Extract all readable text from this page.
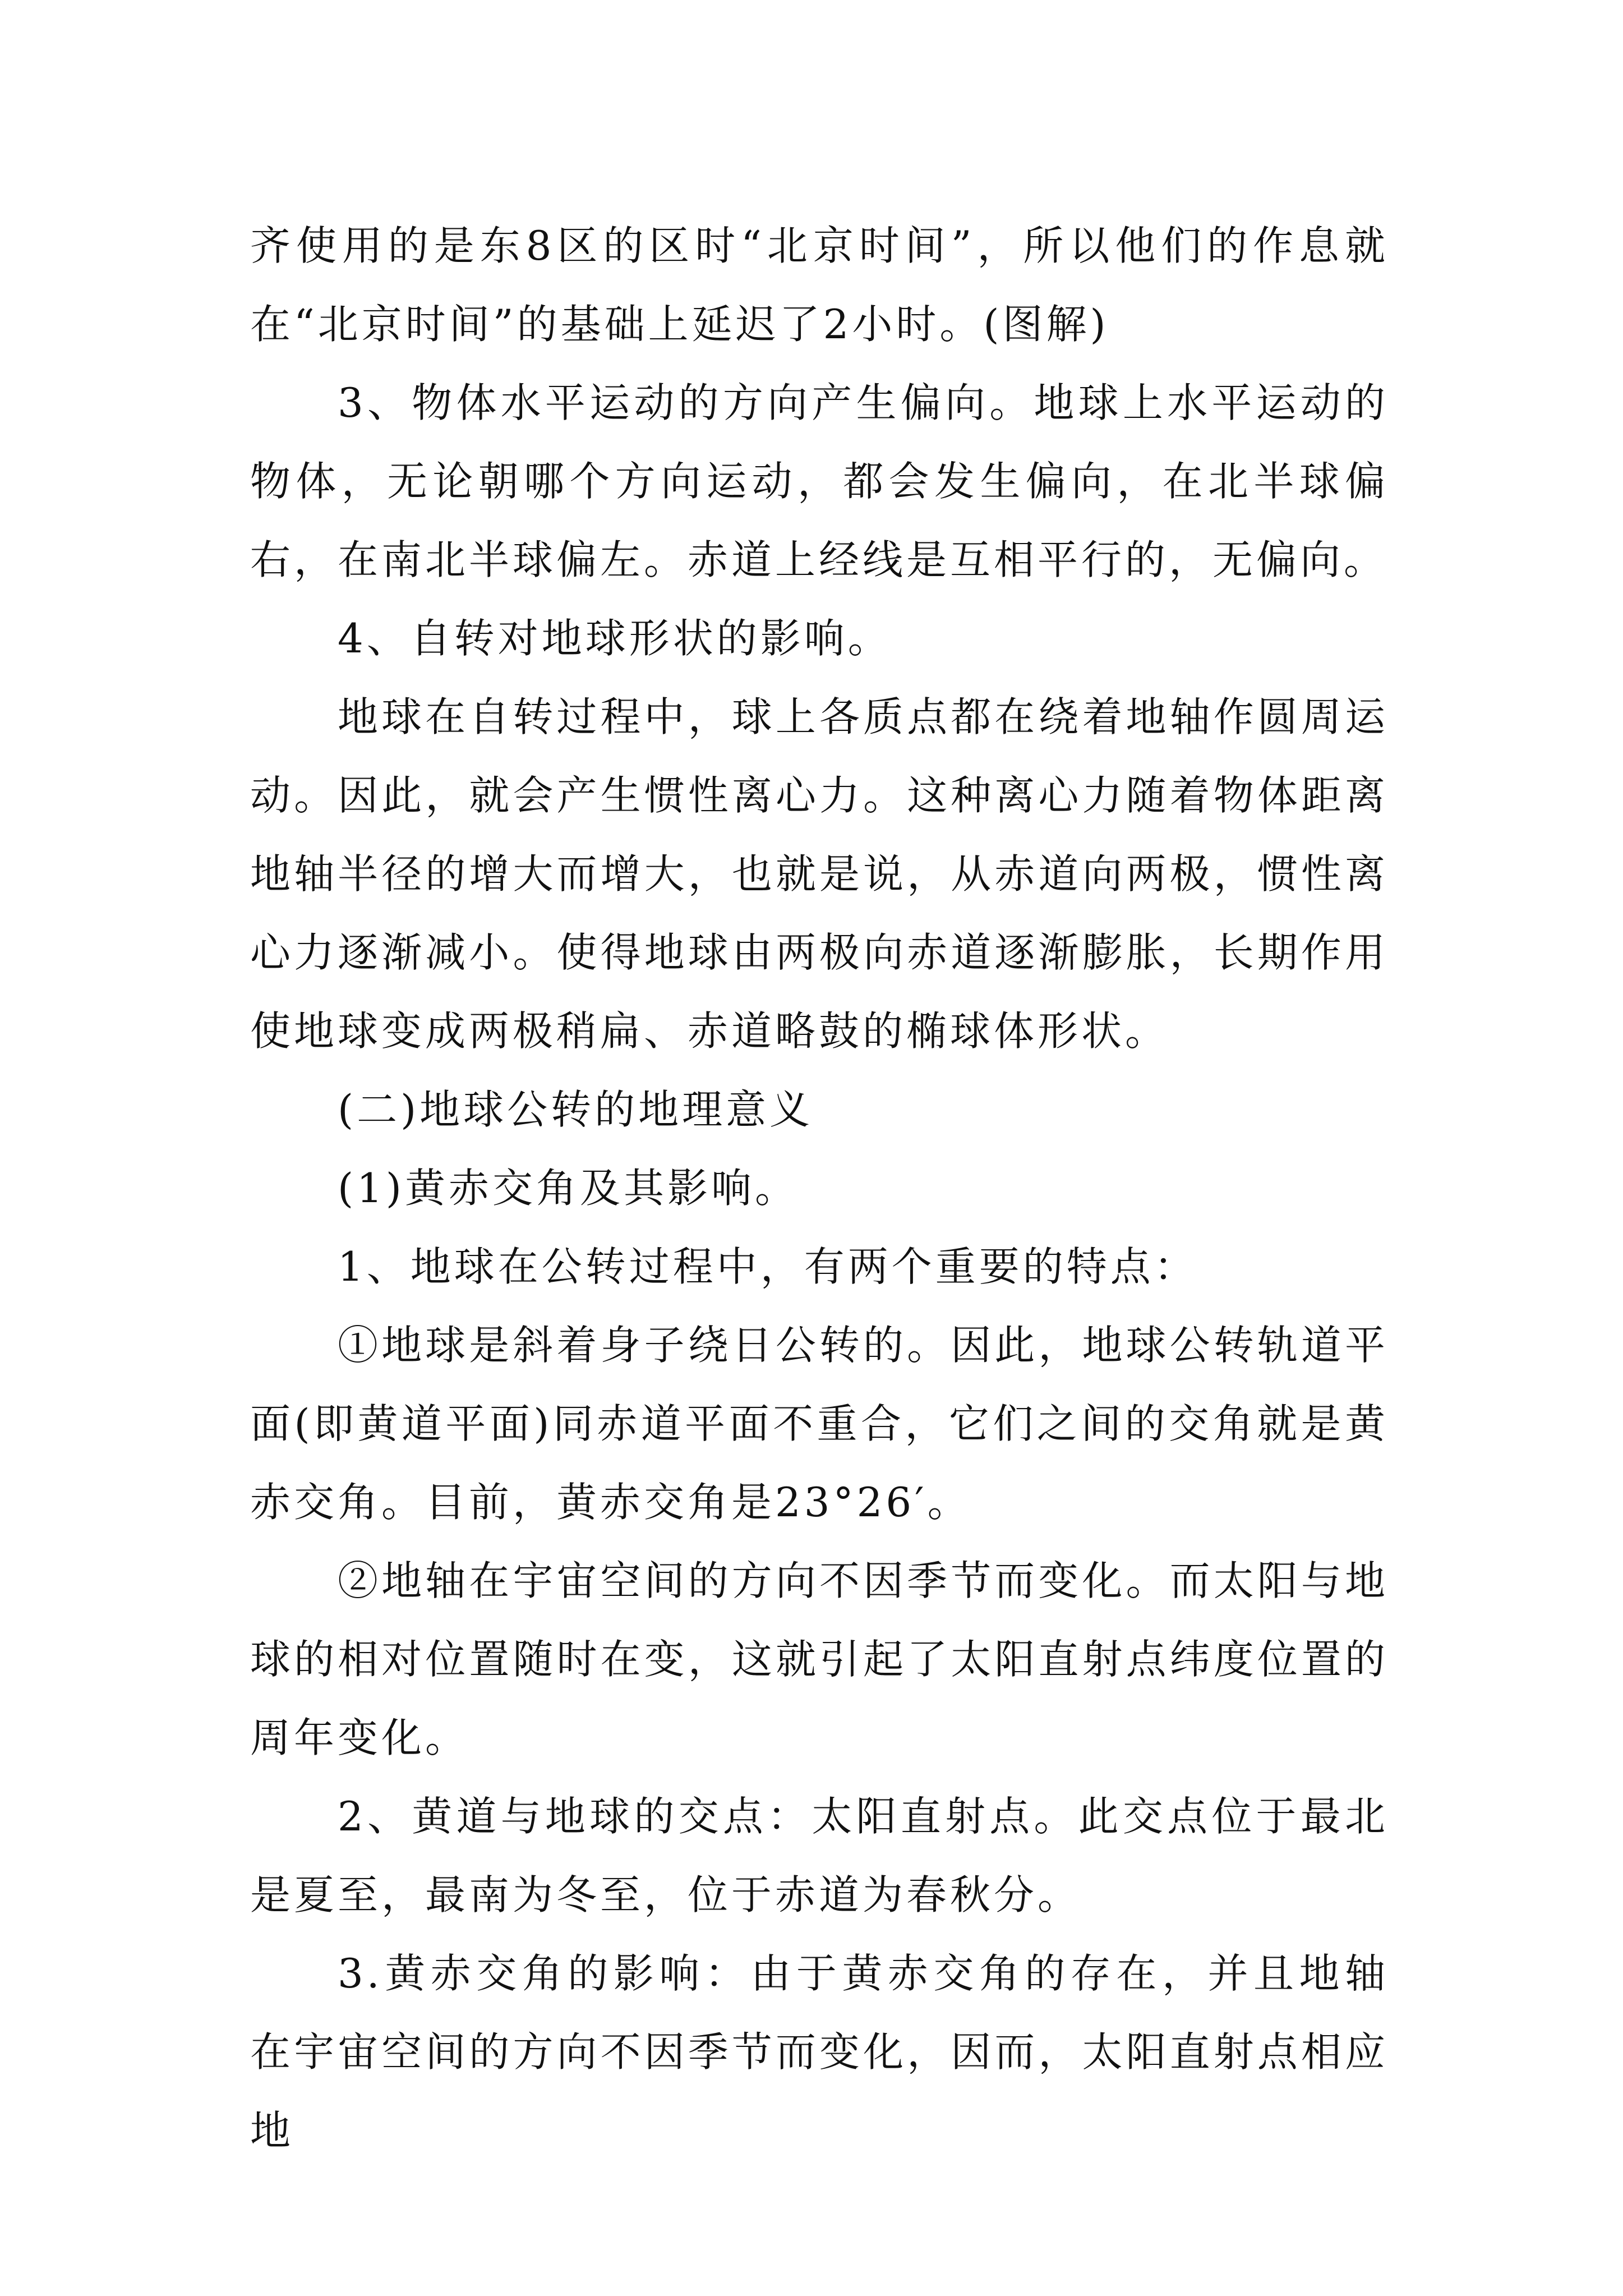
齐使用的是东8区的区时“北京时间”，所以他们的作息就在“北京时间”的基础上延迟了2小时。(图解)

3、物体水平运动的方向产生偏向。地球上水平运动的物体，无论朝哪个方向运动，都会发生偏向，在北半球偏右，在南北半球偏左。赤道上经线是互相平行的，无偏向。

4、自转对地球形状的影响。

地球在自转过程中，球上各质点都在绕着地轴作圆周运动。因此，就会产生惯性离心力。这种离心力随着物体距离地轴半径的增大而增大，也就是说，从赤道向两极，惯性离心力逐渐减小。使得地球由两极向赤道逐渐膨胀，长期作用使地球变成两极稍扁、赤道略鼓的椭球体形状。

(二)地球公转的地理意义

(1)黄赤交角及其影响。

1、地球在公转过程中，有两个重要的特点：

①地球是斜着身子绕日公转的。因此，地球公转轨道平面(即黄道平面)同赤道平面不重合，它们之间的交角就是黄赤交角。目前，黄赤交角是23°26′。

②地轴在宇宙空间的方向不因季节而变化。而太阳与地球的相对位置随时在变，这就引起了太阳直射点纬度位置的周年变化。

2、黄道与地球的交点：太阳直射点。此交点位于最北是夏至，最南为冬至，位于赤道为春秋分。

3.黄赤交角的影响：由于黄赤交角的存在，并且地轴在宇宙空间的方向不因季节而变化，因而，太阳直射点相应地
